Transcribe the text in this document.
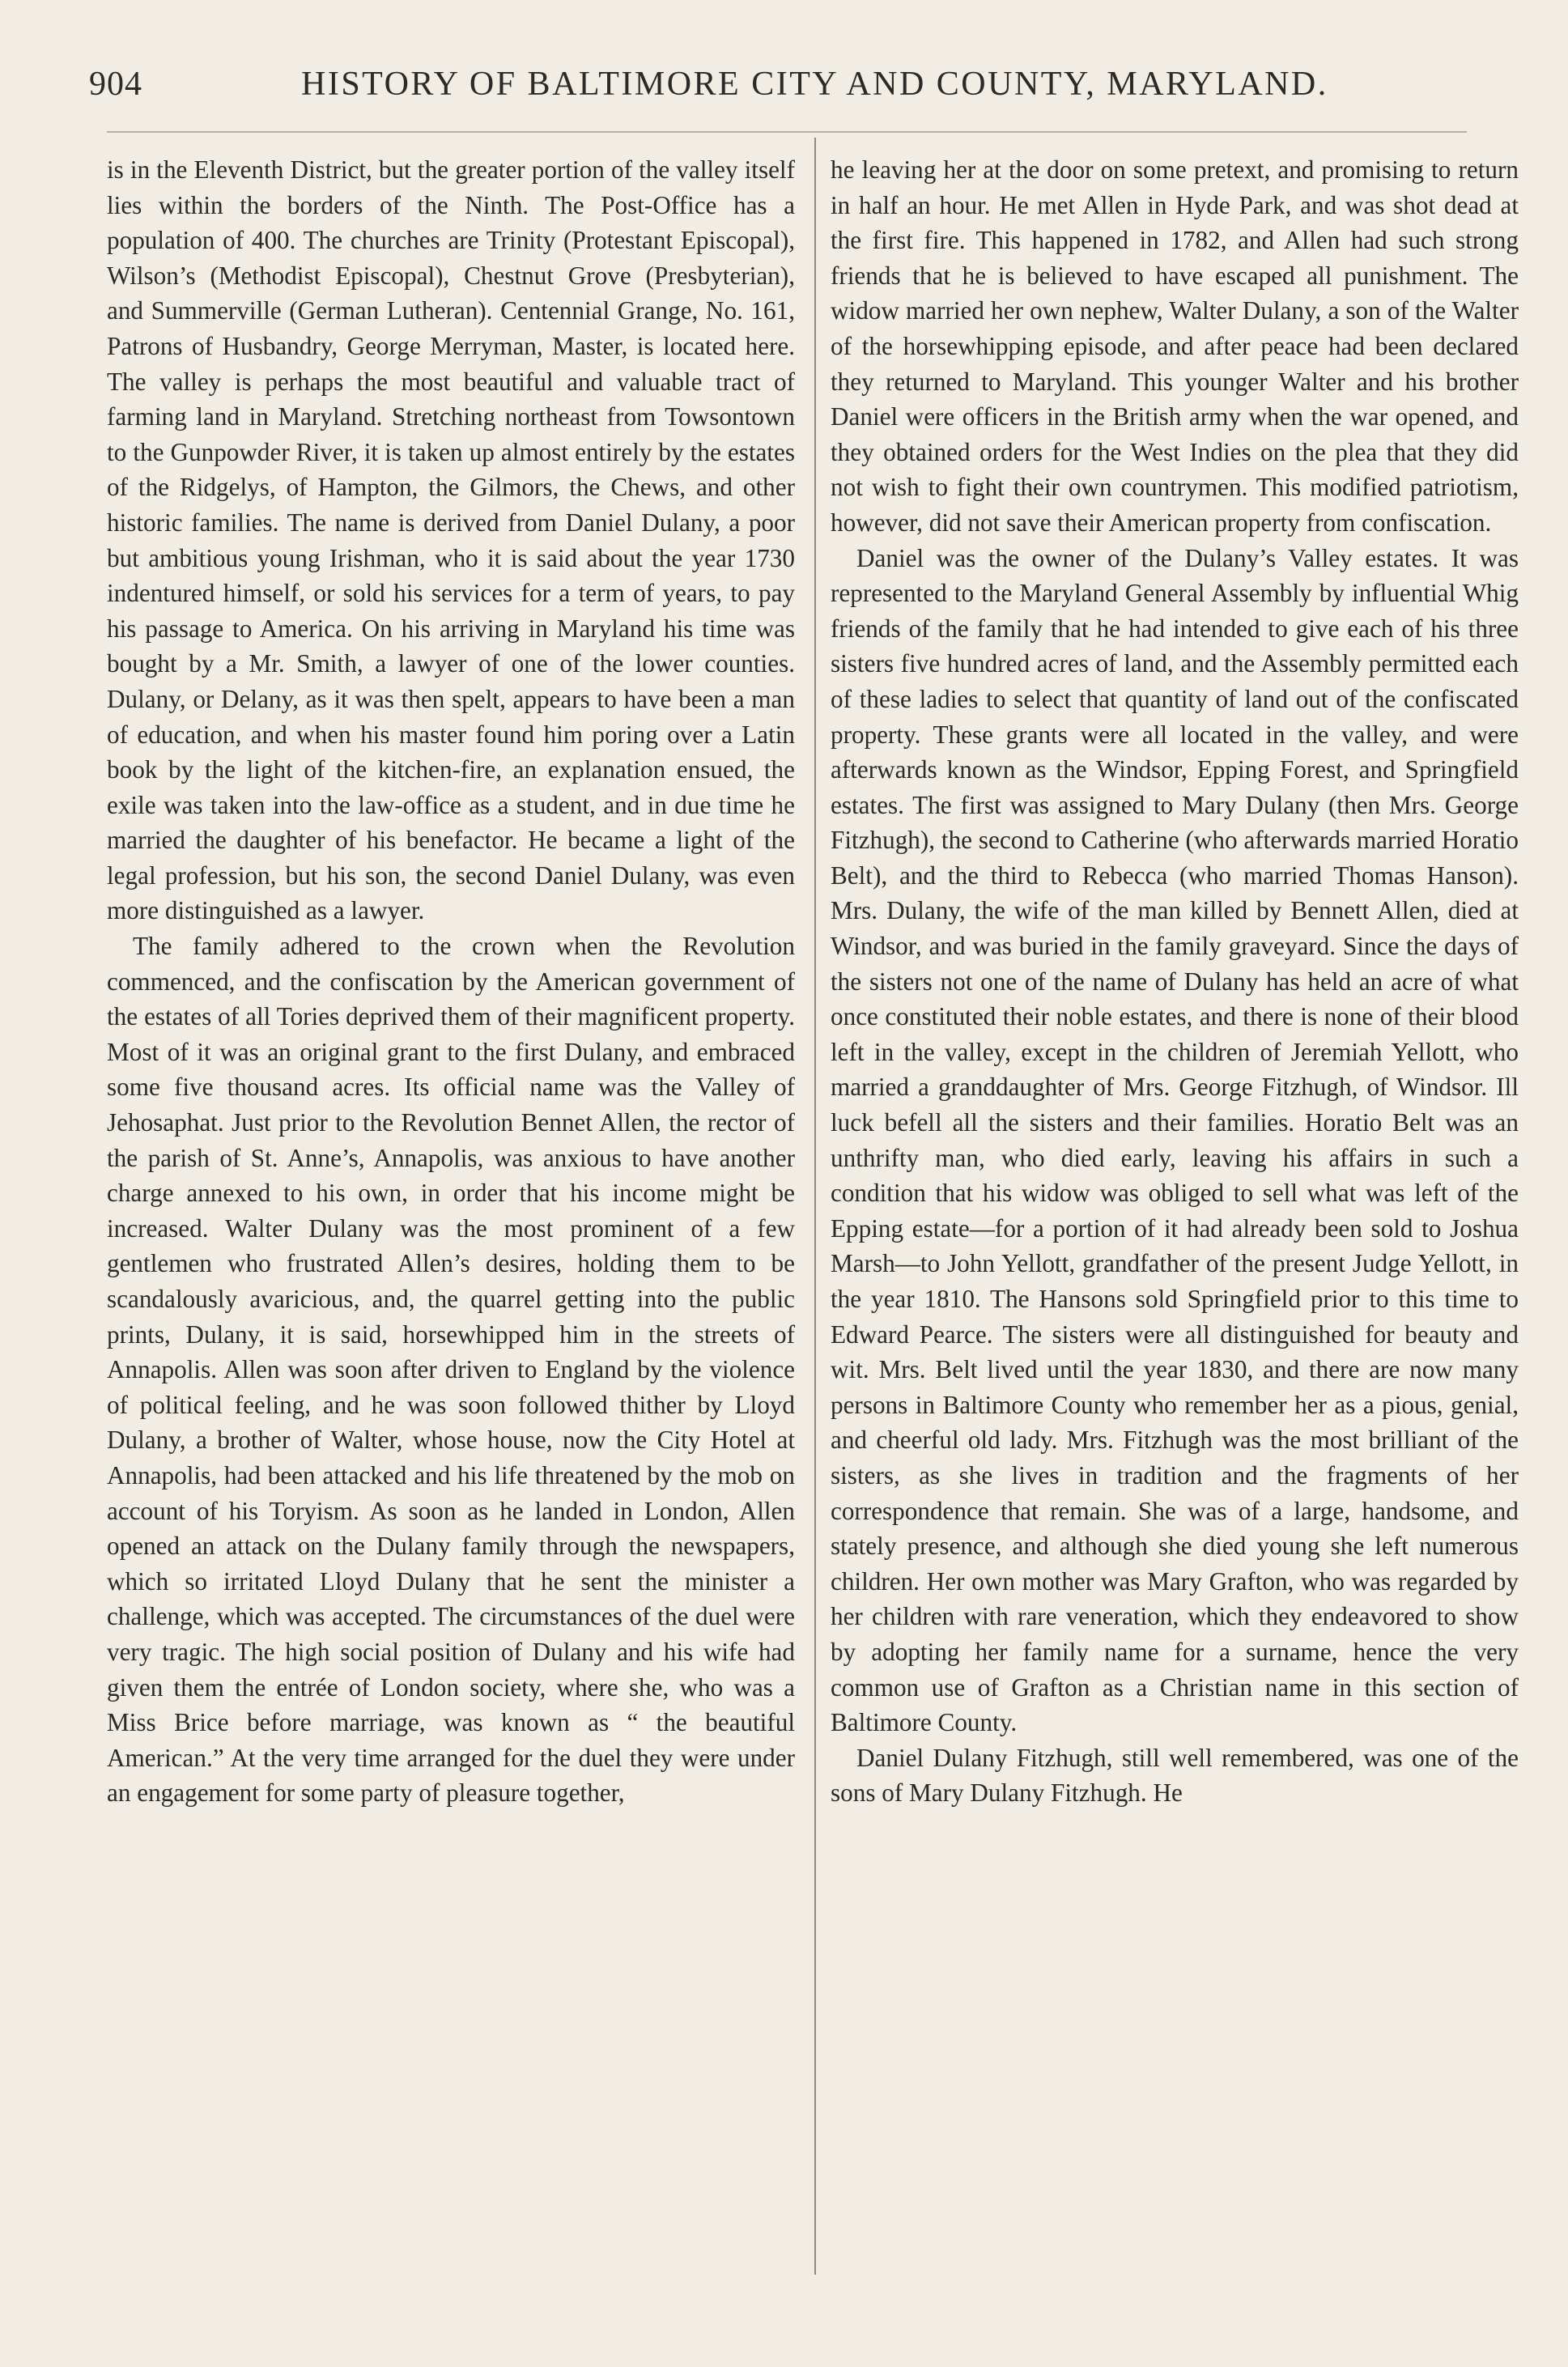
904	HISTORY OF BALTIMORE CITY AND COUNTY, MARYLAND.

is in the Eleventh District, but the greater portion of the valley itself lies within the borders of the Ninth. The Post-Office has a population of 400. The churches are Trinity (Protestant Episcopal), Wilson’s (Methodist Episcopal), Chestnut Grove (Presbyterian), and Summerville (German Lutheran). Centennial Grange, No. 161, Patrons of Husbandry, George Merryman, Master, is located here. The valley is perhaps the most beautiful and valuable tract of farming land in Maryland. Stretching northeast from Towsontown to the Gunpowder River, it is taken up almost entirely by the estates of the Ridgelys, of Hampton, the Gilmors, the Chews, and other historic families. The name is derived from Daniel Dulany, a poor but ambitious young Irishman, who it is said about the year 1730 indentured himself, or sold his services for a term of years, to pay his passage to America. On his arriving in Maryland his time was bought by a Mr. Smith, a lawyer of one of the lower counties. Dulany, or Delany, as it was then spelt, appears to have been a man of education, and when his master found him poring over a Latin book by the light of the kitchen-fire, an explanation ensued, the exile was taken into the law-office as a student, and in due time he married the daughter of his benefactor. He became a light of the legal profession, but his son, the second Daniel Dulany, was even more distinguished as a lawyer.

The family adhered to the crown when the Revolution commenced, and the confiscation by the American government of the estates of all Tories deprived them of their magnificent property. Most of it was an original grant to the first Dulany, and embraced some five thousand acres. Its official name was the Valley of Jehosaphat. Just prior to the Revolution Bennet Allen, the rector of the parish of St. Anne’s, Annapolis, was anxious to have another charge annexed to his own, in order that his income might be increased. Walter Dulany was the most prominent of a few gentlemen who frustrated Allen’s desires, holding them to be scandalously avaricious, and, the quarrel getting into the public prints, Dulany, it is said, horsewhipped him in the streets of Annapolis. Allen was soon after driven to England by the violence of political feeling, and he was soon followed thither by Lloyd Dulany, a brother of Walter, whose house, now the City Hotel at Annapolis, had been attacked and his life threatened by the mob on account of his Toryism. As soon as he landed in London, Allen opened an attack on the Dulany family through the newspapers, which so irritated Lloyd Dulany that he sent the minister a challenge, which was accepted. The circumstances of the duel were very tragic. The high social position of Dulany and his wife had given them the entrée of London society, where she, who was a Miss Brice before marriage, was known as “ the beautiful American.” At the very time arranged for the duel they were under an engagement for some party of pleasure together,

he leaving her at the door on some pretext, and promising to return in half an hour. He met Allen in Hyde Park, and was shot dead at the first fire. This happened in 1782, and Allen had such strong friends that he is believed to have escaped all punishment. The widow married her own nephew, Walter Dulany, a son of the Walter of the horsewhipping episode, and after peace had been declared they returned to Maryland. This younger Walter and his brother Daniel were officers in the British army when the war opened, and they obtained orders for the West Indies on the plea that they did not wish to fight their own countrymen. This modified patriotism, however, did not save their American property from confiscation.

Daniel was the owner of the Dulany’s Valley estates. It was represented to the Maryland General Assembly by influential Whig friends of the family that he had intended to give each of his three sisters five hundred acres of land, and the Assembly permitted each of these ladies to select that quantity of land out of the confiscated property. These grants were all located in the valley, and were afterwards known as the Windsor, Epping Forest, and Springfield estates. The first was assigned to Mary Dulany (then Mrs. George Fitzhugh), the second to Catherine (who afterwards married Horatio Belt), and the third to Rebecca (who married Thomas Hanson). Mrs. Dulany, the wife of the man killed by Bennett Allen, died at Windsor, and was buried in the family graveyard. Since the days of the sisters not one of the name of Dulany has held an acre of what once constituted their noble estates, and there is none of their blood left in the valley, except in the children of Jeremiah Yellott, who married a granddaughter of Mrs. George Fitzhugh, of Windsor. Ill luck befell all the sisters and their families. Horatio Belt was an unthrifty man, who died early, leaving his affairs in such a condition that his widow was obliged to sell what was left of the Epping estate—for a portion of it had already been sold to Joshua Marsh—to John Yellott, grandfather of the present Judge Yellott, in the year 1810. The Hansons sold Springfield prior to this time to Edward Pearce. The sisters were all distinguished for beauty and wit. Mrs. Belt lived until the year 1830, and there are now many persons in Baltimore County who remember her as a pious, genial, and cheerful old lady. Mrs. Fitzhugh was the most brilliant of the sisters, as she lives in tradition and the fragments of her correspondence that remain. She was of a large, handsome, and stately presence, and although she died young she left numerous children. Her own mother was Mary Grafton, who was regarded by her children with rare veneration, which they endeavored to show by adopting her family name for a surname, hence the very common use of Grafton as a Christian name in this section of Baltimore County.

Daniel Dulany Fitzhugh, still well remembered, was one of the sons of Mary Dulany Fitzhugh. He
